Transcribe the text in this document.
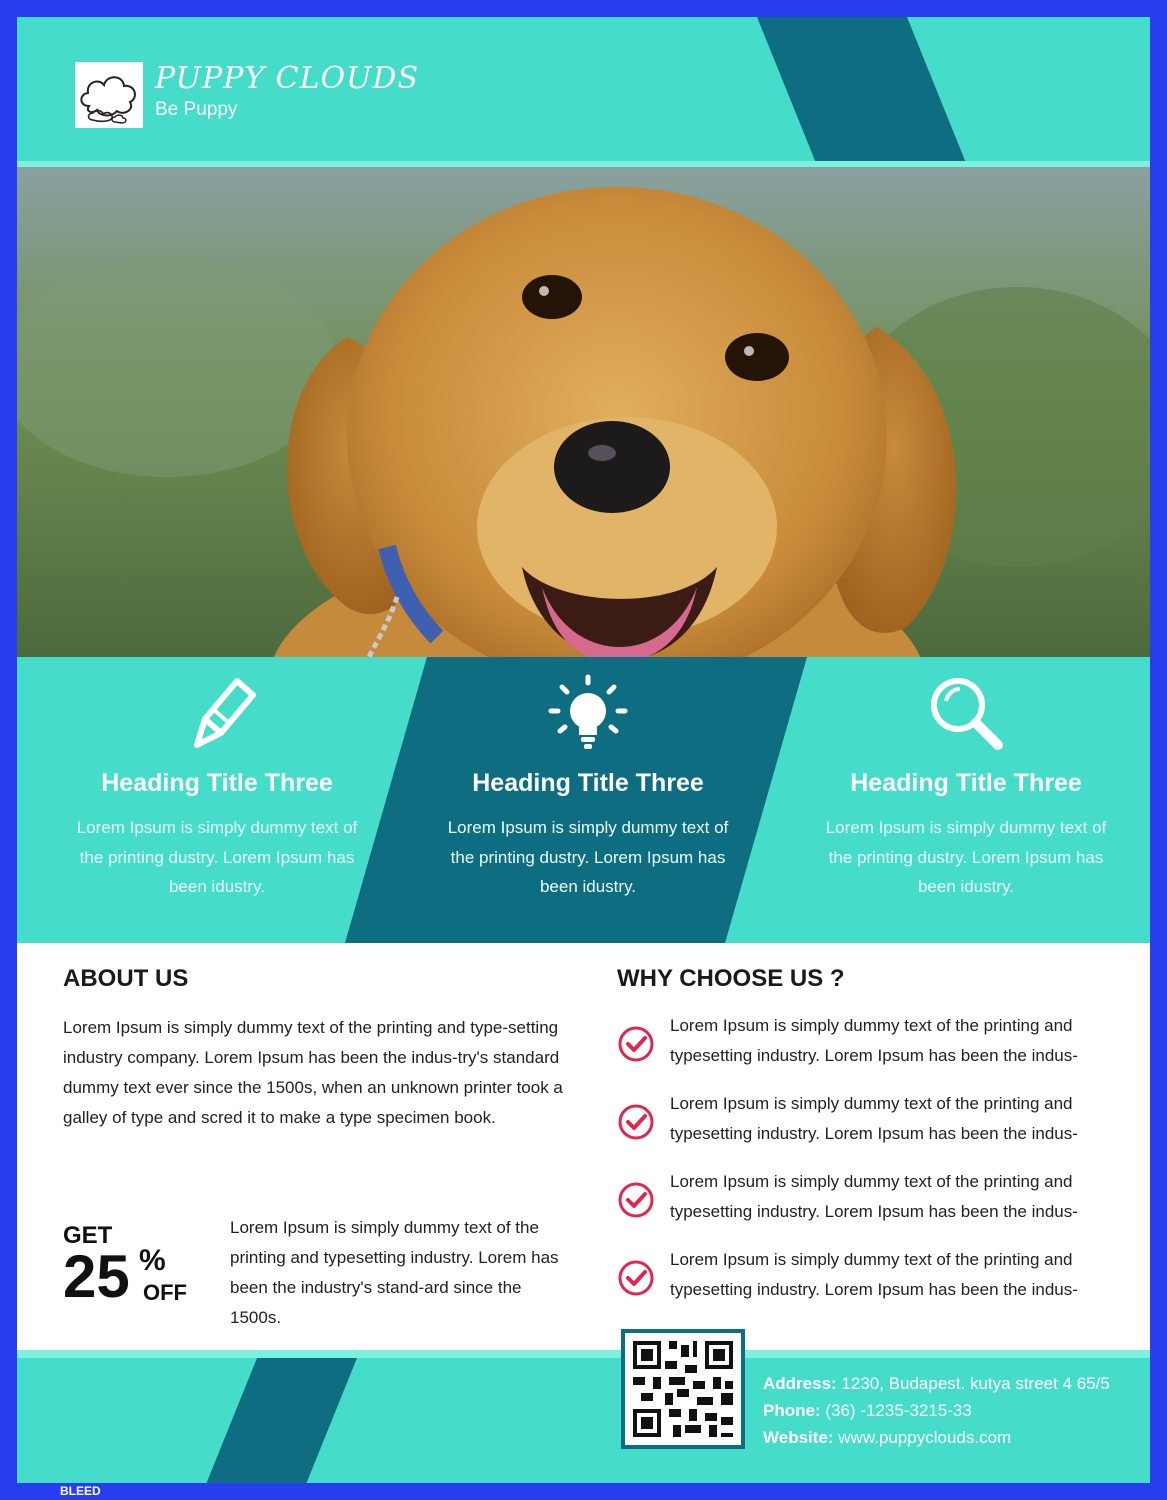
PUPPY CLOUDS
Be Puppy
Heading Title Three

Lorem Ipsum is simply dummy text of the printing dustry. Lorem Ipsum has been idustry.

Heading Title Three

Lorem Ipsum is simply dummy text of the printing dustry. Lorem Ipsum has been idustry.

Heading Title Three

Lorem Ipsum is simply dummy text of the printing dustry. Lorem Ipsum has been idustry.

ABOUT US

Lorem Ipsum is simply dummy text of the printing and type-setting industry company. Lorem Ipsum has been the indus-try's standard dummy text ever since the 1500s, when an unknown printer took a galley of type and scred it to make a type specimen book.

GET
25 %
OFF

Lorem Ipsum is simply dummy text of the printing and typesetting industry. Lorem has been the industry's stand-ard since the 1500s.

WHY CHOOSE US ?

Lorem Ipsum is simply dummy text of the printing and typesetting industry. Lorem Ipsum has been the indus-

Lorem Ipsum is simply dummy text of the printing and typesetting industry. Lorem Ipsum has been the indus-

Lorem Ipsum is simply dummy text of the printing and typesetting industry. Lorem Ipsum has been the indus-

Lorem Ipsum is simply dummy text of the printing and typesetting industry. Lorem Ipsum has been the indus-

Address: 1230, Budapest. kutya street 4 65/5
Phone: (36) -1235-3215-33
Website: www.puppyclouds.com
BLEED
